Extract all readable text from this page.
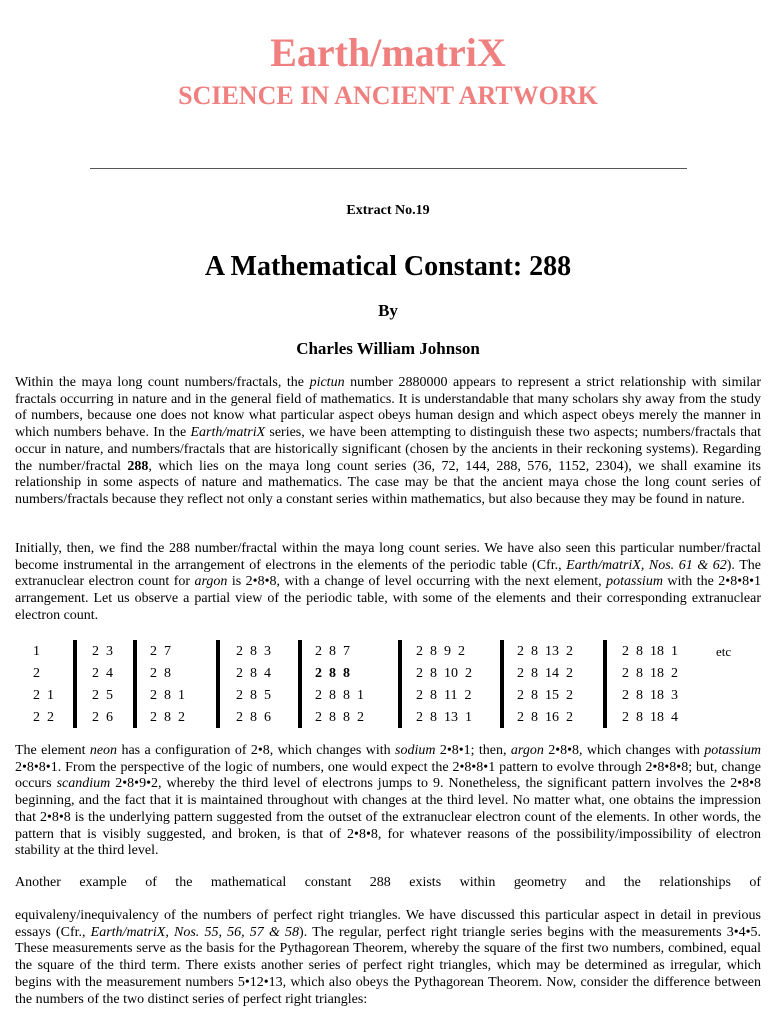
Earth/matriX
SCIENCE IN ANCIENT ARTWORK
Extract No.19
A Mathematical Constant: 288
By
Charles William Johnson

Within the maya long count numbers/fractals, the pictun number 2880000 appears to represent a strict relationship with similar fractals occurring in nature and in the general field of mathematics. It is understandable that many scholars shy away from the study of numbers, because one does not know what particular aspect obeys human design and which aspect obeys merely the manner in which numbers behave. In the Earth/matriX series, we have been attempting to distinguish these two aspects; numbers/fractals that occur in nature, and numbers/fractals that are historically significant (chosen by the ancients in their reckoning systems). Regarding the number/fractal 288, which lies on the maya long count series (36, 72, 144, 288, 576, 1152, 2304), we shall examine its relationship in some aspects of nature and mathematics. The case may be that the ancient maya chose the long count series of numbers/fractals because they reflect not only a constant series within mathematics, but also because they may be found in nature.

Initially, then, we find the 288 number/fractal within the maya long count series. We have also seen this particular number/fractal become instrumental in the arrangement of electrons in the elements of the periodic table (Cfr., Earth/matriX, Nos. 61 & 62). The extranuclear electron count for argon is 2•8•8, with a change of level occurring with the next element, potassium with the 2•8•8•1 arrangement. Let us observe a partial view of the periodic table, with some of the elements and their corresponding extranuclear electron count.

1
2
2  1
2  2
2  3
2  4
2  5
2  6
2  7
2  8
2  8  1
2  8  2
2  8  3
2  8  4
2  8  5
2  8  6
2  8  7
2  8  8
2  8  8  1
2  8  8  2
2  8  9  2
2  8  10  2
2  8  11  2
2  8  13  1
2  8  13  2
2  8  14  2
2  8  15  2
2  8  16  2
2  8  18  1
2  8  18  2
2  8  18  3
2  8  18  4
etc

The element neon has a configuration of 2•8, which changes with sodium 2•8•1; then, argon 2•8•8, which changes with potassium 2•8•8•1. From the perspective of the logic of numbers, one would expect the 2•8•8•1 pattern to evolve through 2•8•8•8; but, change occurs scandium 2•8•9•2, whereby the third level of electrons jumps to 9. Nonetheless, the significant pattern involves the 2•8•8 beginning, and the fact that it is maintained throughout with changes at the third level. No matter what, one obtains the impression that 2•8•8 is the underlying pattern suggested from the outset of the extranuclear electron count of the elements. In other words, the pattern that is visibly suggested, and broken, is that of 2•8•8, for whatever reasons of the possibility/impossibility of electron stability at the third level.

Another example of the mathematical constant 288 exists within geometry and the relationships of

equivaleny/inequivalency of the numbers of perfect right triangles. We have discussed this particular aspect in detail in previous essays (Cfr., Earth/matriX, Nos. 55, 56, 57 & 58). The regular, perfect right triangle series begins with the measurements 3•4•5. These measurements serve as the basis for the Pythagorean Theorem, whereby the square of the first two numbers, combined, equal the square of the third term. There exists another series of perfect right triangles, which may be determined as irregular, which begins with the measurement numbers 5•12•13, which also obeys the Pythagorean Theorem. Now, consider the difference between the numbers of the two distinct series of perfect right triangles:
